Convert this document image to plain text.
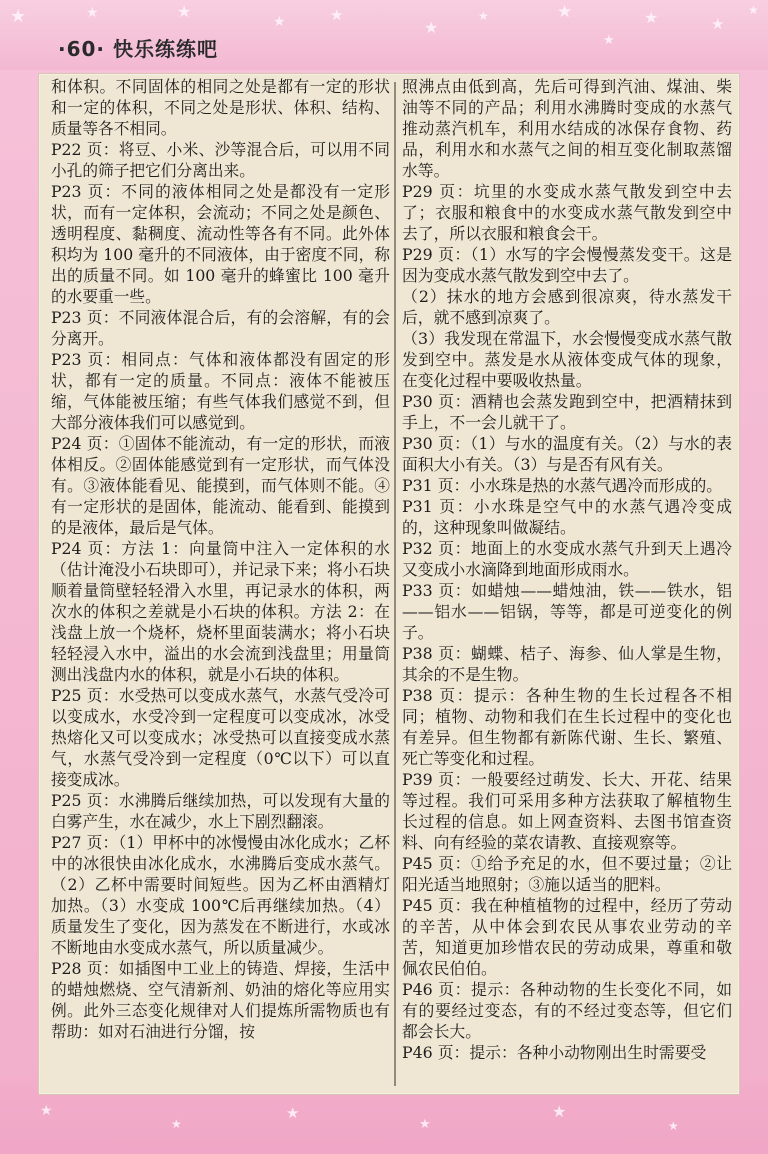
★	★	★
★	★
★
★	★
★
★	★
★
★
★
★
★
★
★
·60· 快乐练练吧

和体积。不同固体的相同之处是都有一定的形状和一定的体积，不同之处是形状、体积、结构、质量等各不相同。

P22 页：将豆、小米、沙等混合后，可以用不同小孔的筛子把它们分离出来。

P23 页：不同的液体相同之处是都没有一定形状，而有一定体积，会流动；不同之处是颜色、透明程度、黏稠度、流动性等各有不同。此外体积均为 100 毫升的不同液体，由于密度不同，称出的质量不同。如 100 毫升的蜂蜜比 100 毫升的水要重一些。

P23 页：不同液体混合后，有的会溶解，有的会分离开。

P23 页：相同点：气体和液体都没有固定的形状，都有一定的质量。不同点：液体不能被压缩，气体能被压缩；有些气体我们感觉不到，但大部分液体我们可以感觉到。

P24 页：①固体不能流动，有一定的形状，而液体相反。②固体能感觉到有一定形状，而气体没有。③液体能看见、能摸到，而气体则不能。④有一定形状的是固体，能流动、能看到、能摸到的是液体，最后是气体。

P24 页：方法 1：向量筒中注入一定体积的水（估计淹没小石块即可），并记录下来；将小石块顺着量筒壁轻轻滑入水里，再记录水的体积，两次水的体积之差就是小石块的体积。方法 2：在浅盘上放一个烧杯，烧杯里面装满水；将小石块轻轻浸入水中，溢出的水会流到浅盘里；用量筒测出浅盘内水的体积，就是小石块的体积。

P25 页：水受热可以变成水蒸气，水蒸气受冷可以变成水，水受冷到一定程度可以变成冰，冰受热熔化又可以变成水；冰受热可以直接变成水蒸气，水蒸气受冷到一定程度（0℃以下）可以直接变成冰。

P25 页：水沸腾后继续加热，可以发现有大量的白雾产生，水在减少，水上下剧烈翻滚。

P27 页：（1）甲杯中的冰慢慢由冰化成水；乙杯中的冰很快由冰化成水，水沸腾后变成水蒸气。（2）乙杯中需要时间短些。因为乙杯由酒精灯加热。（3）水变成 100℃后再继续加热。（4）质量发生了变化，因为蒸发在不断进行，水或冰不断地由水变成水蒸气，所以质量减少。

P28 页：如插图中工业上的铸造、焊接，生活中的蜡烛燃烧、空气清新剂、奶油的熔化等应用实例。此外三态变化规律对人们提炼所需物质也有帮助：如对石油进行分馏，按

照沸点由低到高，先后可得到汽油、煤油、柴油等不同的产品；利用水沸腾时变成的水蒸气推动蒸汽机车，利用水结成的冰保存食物、药品，利用水和水蒸气之间的相互变化制取蒸馏水等。

P29 页：坑里的水变成水蒸气散发到空中去了；衣服和粮食中的水变成水蒸气散发到空中去了，所以衣服和粮食会干。

P29 页：（1）水写的字会慢慢蒸发变干。这是因为变成水蒸气散发到空中去了。

（2）抹水的地方会感到很凉爽，待水蒸发干后，就不感到凉爽了。

（3）我发现在常温下，水会慢慢变成水蒸气散发到空中。蒸发是水从液体变成气体的现象，在变化过程中要吸收热量。

P30 页：酒精也会蒸发跑到空中，把酒精抹到手上，不一会儿就干了。

P30 页：（1）与水的温度有关。（2）与水的表面积大小有关。（3）与是否有风有关。

P31 页：小水珠是热的水蒸气遇冷而形成的。

P31 页：小水珠是空气中的水蒸气遇冷变成的，这种现象叫做凝结。

P32 页：地面上的水变成水蒸气升到天上遇冷又变成小水滴降到地面形成雨水。

P33 页：如蜡烛——蜡烛油，铁——铁水，铝——铝水——铝锅，等等，都是可逆变化的例子。

P38 页：蝴蝶、桔子、海参、仙人掌是生物，其余的不是生物。

P38 页：提示：各种生物的生长过程各不相同；植物、动物和我们在生长过程中的变化也有差异。但生物都有新陈代谢、生长、繁殖、死亡等变化和过程。

P39 页：一般要经过萌发、长大、开花、结果等过程。我们可采用多种方法获取了解植物生长过程的信息。如上网查资料、去图书馆查资料、向有经验的菜农请教、直接观察等。

P45 页：①给予充足的水，但不要过量；②让阳光适当地照射；③施以适当的肥料。

P45 页：我在种植植物的过程中，经历了劳动的辛苦，从中体会到农民从事农业劳动的辛苦，知道更加珍惜农民的劳动成果，尊重和敬佩农民伯伯。

P46 页：提示：各种动物的生长变化不同，如有的要经过变态，有的不经过变态等，但它们都会长大。

P46 页：提示：各种小动物刚出生时需要受
